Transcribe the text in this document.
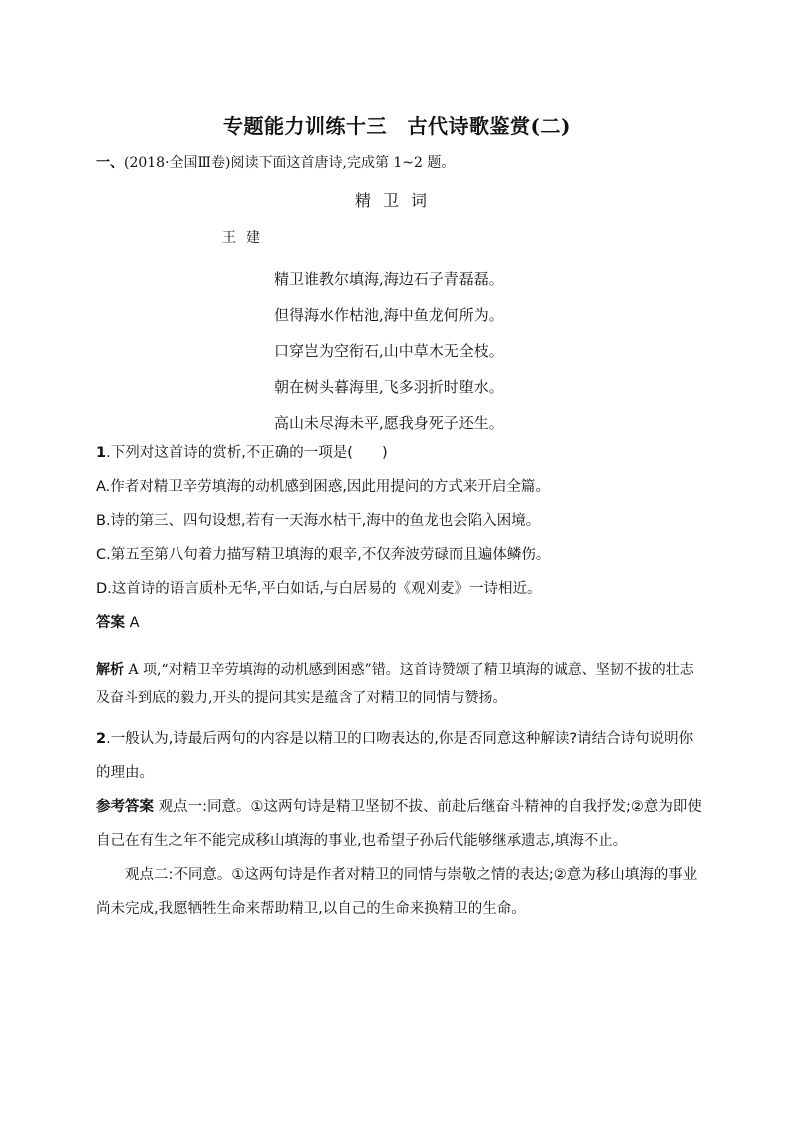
专题能力训练十三　古代诗歌鉴赏(二)
一、(2018·全国Ⅲ卷)阅读下面这首唐诗,完成第 1~2 题。
精卫词
王建
精卫谁教尔填海,海边石子青磊磊。
但得海水作枯池,海中鱼龙何所为。
口穿岂为空衔石,山中草木无全枝。
朝在树头暮海里,飞多羽折时堕水。
高山未尽海未平,愿我身死子还生。
1.下列对这首诗的赏析,不正确的一项是(　　)
A.作者对精卫辛劳填海的动机感到困惑,因此用提问的方式来开启全篇。
B.诗的第三、四句设想,若有一天海水枯干,海中的鱼龙也会陷入困境。
C.第五至第八句着力描写精卫填海的艰辛,不仅奔波劳碌而且遍体鳞伤。
D.这首诗的语言质朴无华,平白如话,与白居易的《观刈麦》一诗相近。
答案 A
解析 A 项,“对精卫辛劳填海的动机感到困惑”错。这首诗赞颂了精卫填海的诚意、坚韧不拔的壮志及奋斗到底的毅力,开头的提问其实是蕴含了对精卫的同情与赞扬。
2.一般认为,诗最后两句的内容是以精卫的口吻表达的,你是否同意这种解读?请结合诗句说明你的理由。
参考答案 观点一:同意。①这两句诗是精卫坚韧不拔、前赴后继奋斗精神的自我抒发;②意为即使自己在有生之年不能完成移山填海的事业,也希望子孙后代能够继承遗志,填海不止。
观点二:不同意。①这两句诗是作者对精卫的同情与崇敬之情的表达;②意为移山填海的事业尚未完成,我愿牺牲生命来帮助精卫,以自己的生命来换精卫的生命。
